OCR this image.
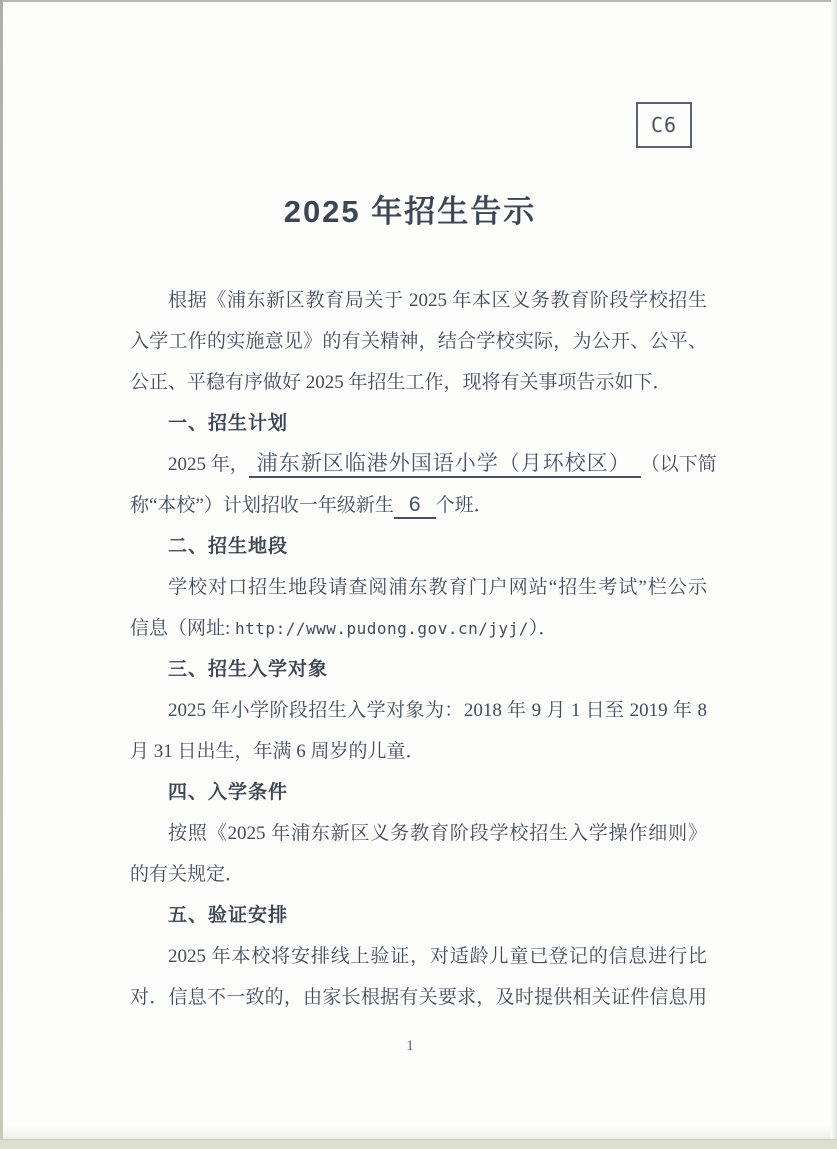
C6
2025 年招生告示
根据《浦东新区教育局关于 2025 年本区义务教育阶段学校招生
入学工作的实施意见》的有关精神，结合学校实际，为公开、公平、
公正、平稳有序做好 2025 年招生工作，现将有关事项告示如下．
一、招生计划
2025 年， 浦东新区临港外国语小学（月环校区） （以下简
称“本校”）计划招收一年级新生 6 个班．
二、招生地段
学校对口招生地段请查阅浦东教育门户网站“招生考试”栏公示
信息（网址: http://www.pudong.gov.cn/jyj/）．
三、招生入学对象
2025 年小学阶段招生入学对象为：2018 年 9 月 1 日至 2019 年 8
月 31 日出生，年满 6 周岁的儿童．
四、入学条件
按照《2025 年浦东新区义务教育阶段学校招生入学操作细则》
的有关规定．
五、验证安排
2025 年本校将安排线上验证，对适龄儿童已登记的信息进行比
对．信息不一致的，由家长根据有关要求，及时提供相关证件信息用
1
